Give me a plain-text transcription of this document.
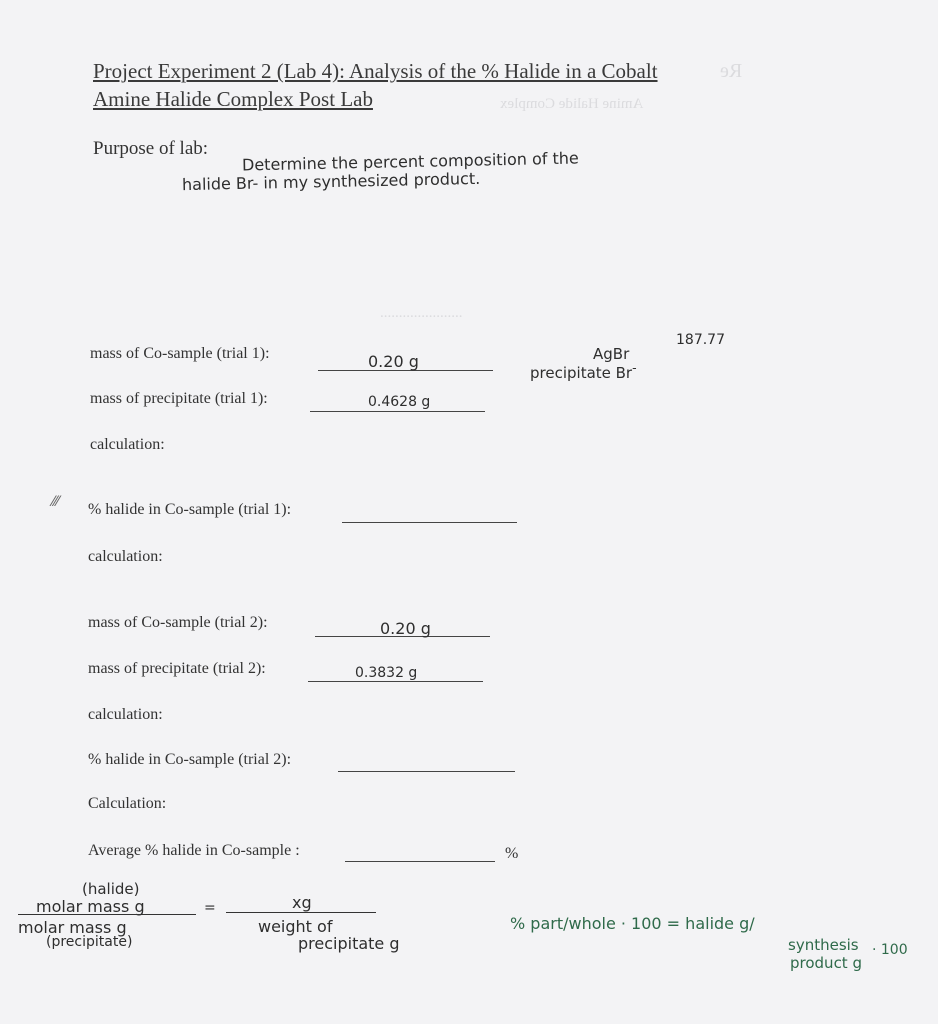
Re
Amine Halide Complex
......................
Project Experiment 2 (Lab 4): Analysis of the % Halide in a Cobalt
Amine Halide Complex Post Lab
Purpose of lab: Determine the percent composition of the
halide Br- in my synthesized product.
mass of Co-sample (trial 1):	0.20 g
187.77
AgBr
precipitate Br-
mass of precipitate (trial 1):	0.4628 g
calculation:
⁄⁄⁄ % halide in Co-sample (trial 1):
calculation:
mass of Co-sample (trial 2):	0.20 g
mass of precipitate (trial 2):	0.3832 g
calculation:
% halide in Co-sample (trial 2):
Calculation:
Average % halide in Co-sample :	%
(halide)
molar mass g
molar mass g
(precipitate)
=	xg
weight of
precipitate g
% part/whole · 100 = halide g/
synthesis
product g
· 100
